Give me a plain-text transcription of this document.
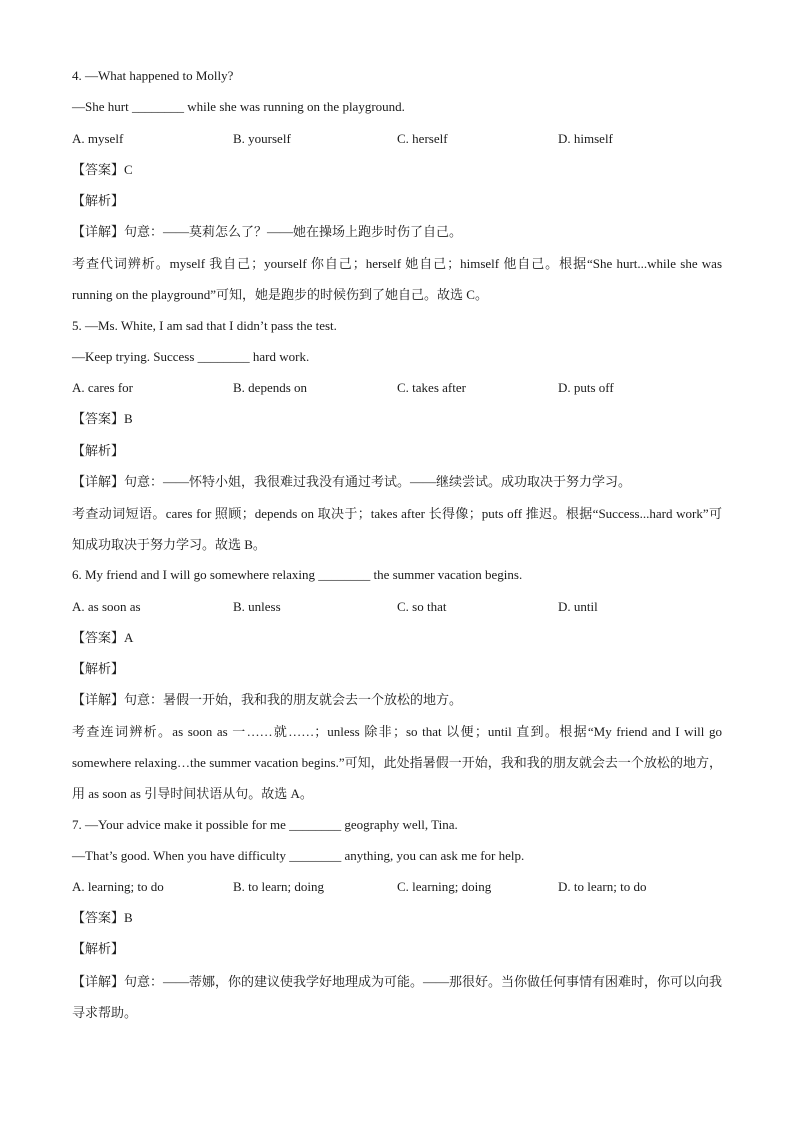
4. —What happened to Molly?
—She hurt ________ while she was running on the playground.
A. myself	B. yourself	C. herself	D. himself
【答案】C
【解析】
【详解】句意：——莫莉怎么了？——她在操场上跑步时伤了自己。
考查代词辨析。myself 我自己；yourself 你自己；herself 她自己；himself 他自己。根据“She hurt...while she was running on the playground”可知，她是跑步的时候伤到了她自己。故选 C。
5. —Ms. White, I am sad that I didn’t pass the test.
—Keep trying. Success ________ hard work.
A. cares for	B. depends on	C. takes after	D. puts off
【答案】B
【解析】
【详解】句意：——怀特小姐，我很难过我没有通过考试。——继续尝试。成功取决于努力学习。
考查动词短语。cares for 照顾；depends on 取决于；takes after 长得像；puts off 推迟。根据“Success...hard work”可知成功取决于努力学习。故选 B。
6. My friend and I will go somewhere relaxing ________ the summer vacation begins.
A. as soon as	B. unless	C. so that	D. until
【答案】A
【解析】
【详解】句意：暑假一开始，我和我的朋友就会去一个放松的地方。
考查连词辨析。as soon as 一……就……；unless 除非；so that 以便；until 直到。根据“My friend and I will go somewhere relaxing…the summer vacation begins.”可知，此处指暑假一开始，我和我的朋友就会去一个放松的地方，用 as soon as 引导时间状语从句。故选 A。
7. —Your advice make it possible for me ________ geography well, Tina.
—That’s good. When you have difficulty ________ anything, you can ask me for help.
A. learning; to do	B. to learn; doing	C. learning; doing	D. to learn; to do
【答案】B
【解析】
【详解】句意：——蒂娜，你的建议使我学好地理成为可能。——那很好。当你做任何事情有困难时，你可以向我寻求帮助。
